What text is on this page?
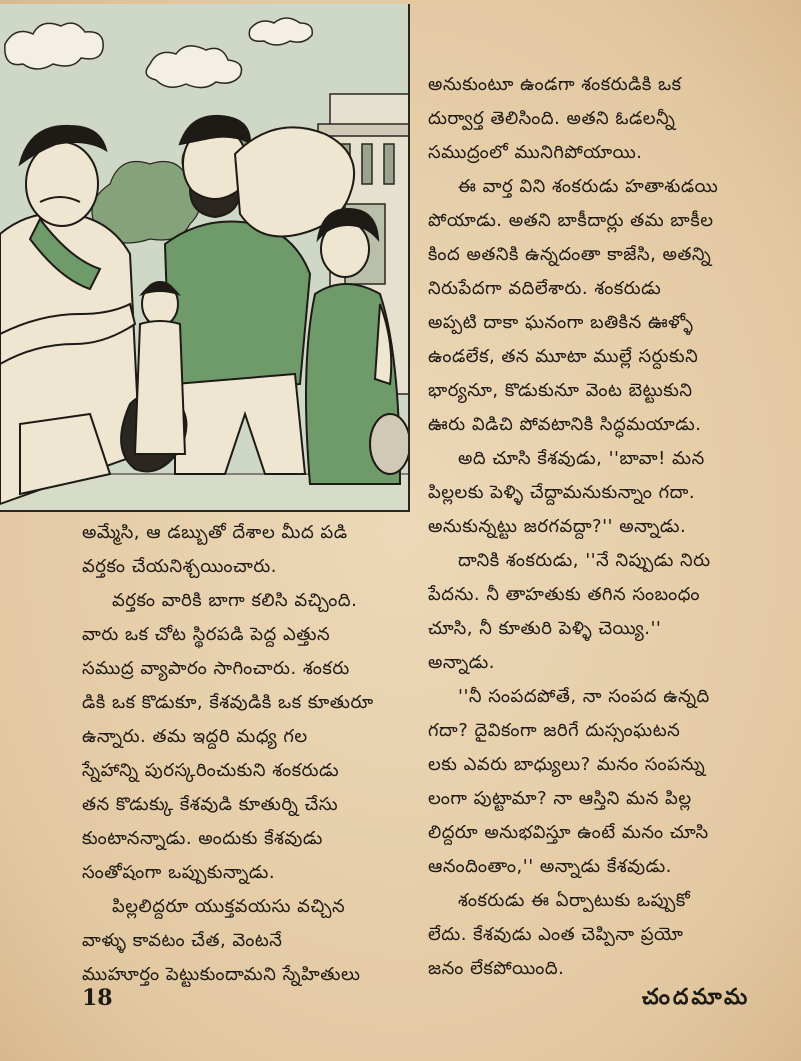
అనుకుంటూ ఉండగా శంకరుడికి ఒక
దుర్వార్త తెలిసింది. అతని ఓడలన్నీ
సముద్రంలో మునిగిపోయాయి.
ఈ వార్త విని శంకరుడు హతాశుడయి
పోయాడు. అతని బాకీదార్లు తమ బాకీల
కింద అతనికి ఉన్నదంతా కాజేసి, అతన్ని
నిరుపేదగా వదిలేశారు. శంకరుడు
అప్పటి దాకా ఘనంగా బతికిన ఊళ్ళో
ఉండలేక, తన మూటా ముల్లే సర్దుకుని
భార్యనూ, కొడుకునూ వెంట బెట్టుకుని
ఊరు విడిచి పోవటానికి సిద్ధమయాడు.
అది చూసి కేశవుడు, ''బావా! మన
పిల్లలకు పెళ్ళి చేద్దామనుకున్నాం గదా.
అనుకున్నట్టు జరగవద్దా?'' అన్నాడు.
దానికి శంకరుడు, ''నే నిప్పుడు నిరు
పేదను. నీ తాహతుకు తగిన సంబంధం
చూసి, నీ కూతురి పెళ్ళి చెయ్యి.''
అన్నాడు.
''నీ సంపదపోతే, నా సంపద ఉన్నది
గదా? దైవికంగా జరిగే దుస్సంఘటన
లకు ఎవరు బాధ్యులు? మనం సంపన్ను
లంగా పుట్టామా? నా ఆస్తిని మన పిల్ల
లిద్దరూ అనుభవిస్తూ ఉంటే మనం చూసి
ఆనందింతాం,'' అన్నాడు కేశవుడు.
శంకరుడు ఈ ఏర్పాటుకు ఒప్పుకో
లేదు. కేశవుడు ఎంత చెప్పినా ప్రయో
జనం లేకపోయింది.
అమ్మేసి, ఆ డబ్బుతో దేశాల మీద పడి
వర్తకం చేయనిశ్చయించారు.
వర్తకం వారికి బాగా కలిసి వచ్చింది.
వారు ఒక చోట స్థిరపడి పెద్ద ఎత్తున
సముద్ర వ్యాపారం సాగించారు. శంకరు
డికి ఒక కొడుకూ, కేశవుడికి ఒక కూతురూ
ఉన్నారు. తమ ఇద్దరి మధ్య గల
స్నేహాన్ని పురస్కరించుకుని శంకరుడు
తన కొడుక్కు కేశవుడి కూతుర్ని చేసు
కుంటానన్నాడు. అందుకు కేశవుడు
సంతోషంగా ఒప్పుకున్నాడు.
పిల్లలిద్దరూ యుక్తవయసు వచ్చిన
వాళ్ళు కావటం చేత, వెంటనే
ముహూర్తం పెట్టుకుందామని స్నేహితులు
18	చందమామ
